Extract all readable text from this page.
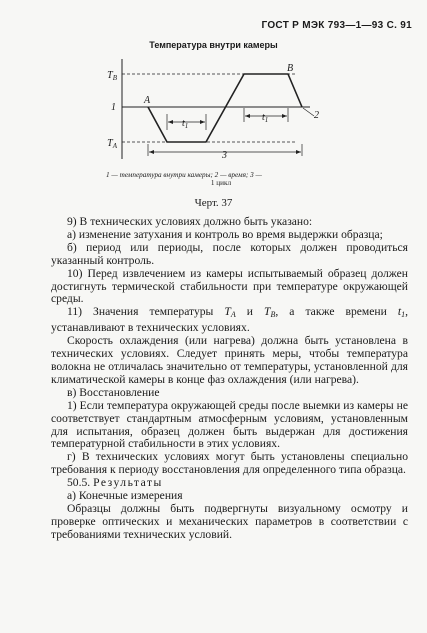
ГОСТ Р МЭК 793—1—93 С. 91
Температура внутри камеры
$T_B$
$T_A$
1
A
B
2
3
$t_1$
$t_1$
1 — температура внутри камеры; 2 — время; 3 —
1 цикл
Черт. 37

9) В технических условиях должно быть указано:

а) изменение затухания и контроль во время выдержки образца;

б) период или периоды, после которых должен проводиться указанный контроль.

10) Перед извлечением из камеры испытываемый образец должен достигнуть термической стабильности при температуре окружающей среды.

11) Значения температуры TA и TB, а также времени t1, устанавливают в технических условиях.

Скорость охлаждения (или нагрева) должна быть установлена в технических условиях. Следует принять меры, чтобы температура волокна не отличалась значительно от температуры, установленной для климатической камеры в конце фаз охлаждения (или нагрева).

в) Восстановление

1) Если температура окружающей среды после выемки из камеры не соответствует стандартным атмосферным условиям, установленным для испытания, образец должен быть выдержан для достижения температурной стабильности в этих условиях.

г) В технических условиях могут быть установлены специально требования к периоду восстановления для определенного типа образца.

50.5. Результаты

а) Конечные измерения

Образцы должны быть подвергнуты визуальному осмотру и проверке оптических и механических параметров в соответствии с требованиями технических условий.
